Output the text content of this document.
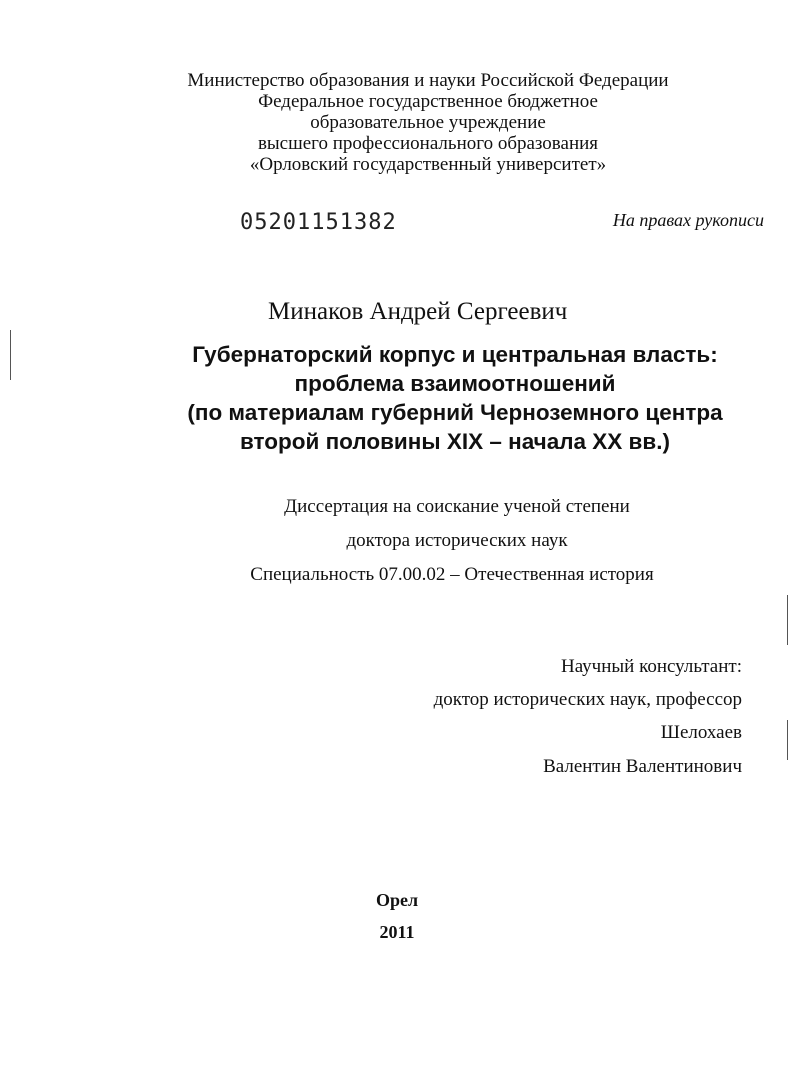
Министерство образования и науки Российской Федерации
Федеральное государственное бюджетное
образовательное учреждение
высшего профессионального образования
«Орловский государственный университет»
05201151382	На правах рукописи
Минаков Андрей Сергеевич
Губернаторский корпус и центральная власть:
проблема взаимоотношений
(по материалам губерний Черноземного центра
второй половины XIX – начала XX вв.)
Диссертация на соискание ученой степени
доктора исторических наук
Специальность 07.00.02 – Отечественная история
Научный консультант:
доктор исторических наук, профессор
Шелохаев
Валентин Валентинович
Орел
2011
